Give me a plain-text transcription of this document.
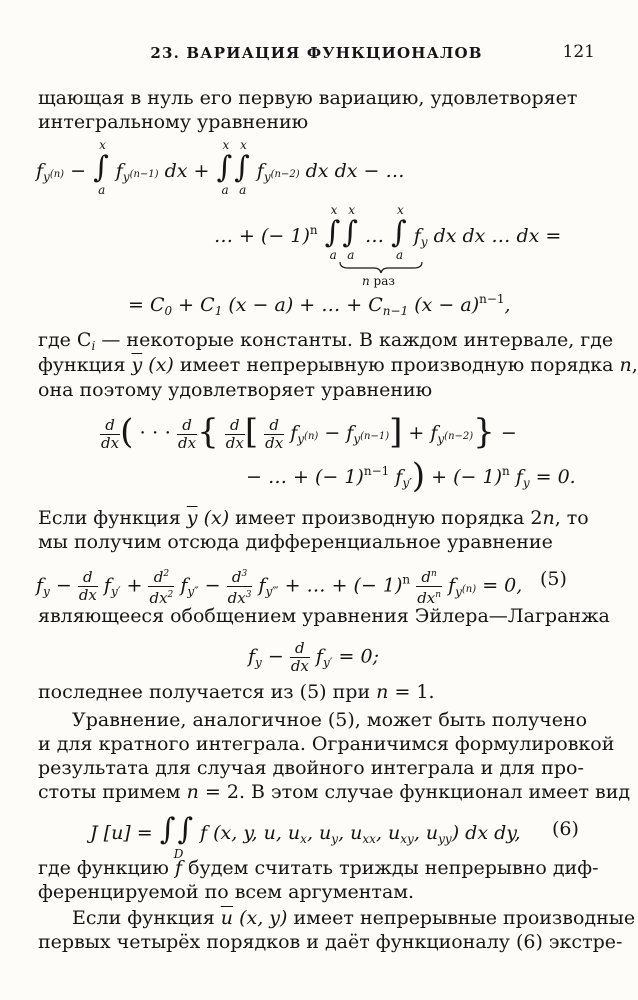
23. ВАРИАЦИЯ ФУНКЦИОНАЛОВ	121
щающая в нуль его первую вариацию, удовлетворяет
интегральному уравнению
$f_{y^{(n)}}$ − ∫
x
a
$f_{y^{(n-1)}}$ dx + ∫
x
a
∫
x
a
$f_{y^{(n-2)}}$ dx dx − …
… + (− 1)$^n$ ∫
x
a
∫
x
a
… ∫
x
a
$f_y$ dx dx … dx =
n раз
= $C_0 + C_1$ (x − a) + … + $C_{n-1}$ $(x - a)^{n-1}$,
где $C_i$ — некоторые константы. В каждом интервале, где
функция $\overline{y}$ (x) имеет непрерывную производную порядка n,
она поэтому удовлетворяет уравнению
$\frac{d}{dx}$ ( ⋅ ⋅ ⋅ $\frac{d}{dx}$ { $\frac{d}{dx}$ [ $\frac{d}{dx} f_{y^{(n)}} - f_{y^{(n-1)}}] + f_{y^{(n-2)}}$} −
− … + (− 1)$^{n-1}$ $f_{y'}$) + (− 1)$^n$ $f_y = 0$.
Если функция $\overline{y}$ (x) имеет производную порядка 2n, то
мы получим отсюда дифференциальное уравнение
$f_y - \frac{d}{dx} f_{y'} + \frac{d^2}{dx^2} f_{y''} - \frac{d^3}{dx^3} f_{y‴}$ + … + (− $1)^n \frac{d^n}{dx^n} f_{y^{(n)}} = 0$, (5)
являющееся обобщением уравнения Эйлера—Лагранжа
$f_y - \frac{d}{dx} f_{y'} = 0$;
последнее получается из (5) при n = 1.
Уравнение, аналогичное (5), может быть получено
и для кратного интеграла. Ограничимся формулировкой
результата для случая двойного интеграла и для про-
стоты примем n = 2. В этом случае функционал имеет вид
J [u] = ∫
D
∫ f (x, y, u, $u_x$, $u_y$, $u_{xx}$, $u_{xy}$, $u_{yy}$) dx dy, (6)
где функцию f будем считать трижды непрерывно диф-
ференцируемой по всем аргументам.
Если функция $\overline{u}$ (x, y) имеет непрерывные производные
первых четырёх порядков и даёт функционалу (6) экстре-
